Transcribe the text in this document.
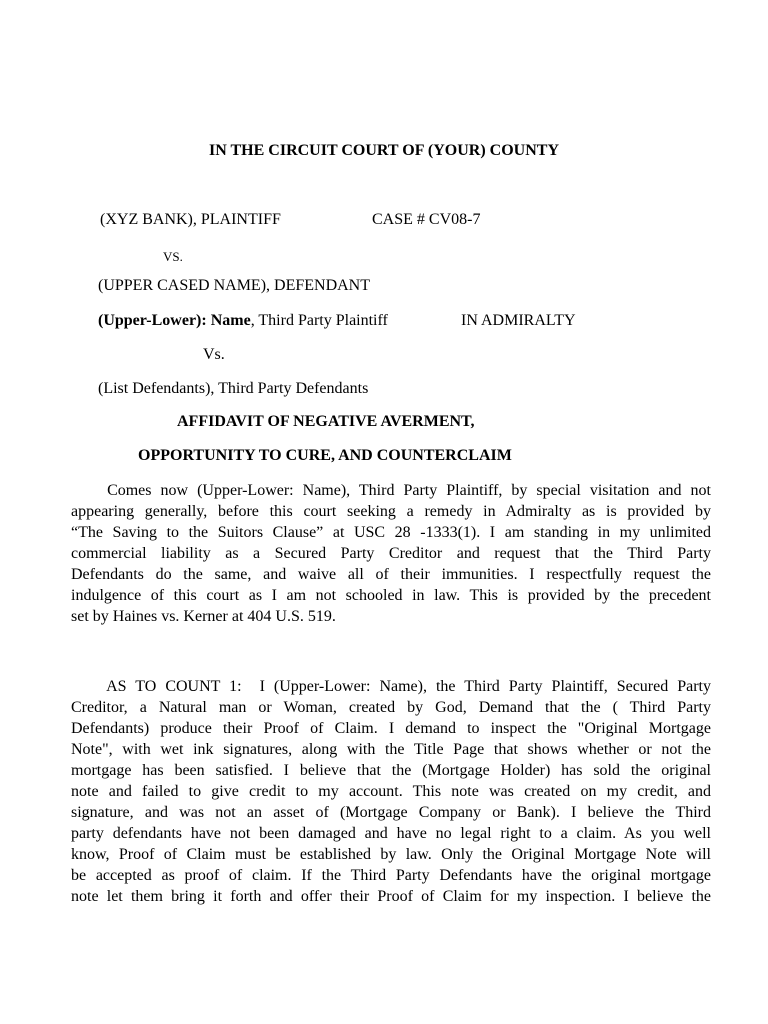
IN THE CIRCUIT COURT OF (YOUR) COUNTY
(XYZ BANK), PLAINTIFF	CASE # CV08-7
VS.
(UPPER CASED NAME), DEFENDANT
(Upper-Lower): Name, Third Party Plaintiff	IN ADMIRALTY
Vs.
(List Defendants), Third Party Defendants
AFFIDAVIT OF NEGATIVE AVERMENT,
OPPORTUNITY TO CURE, AND COUNTERCLAIM
Comes now (Upper-Lower: Name), Third Party Plaintiff, by special visitation and not
appearing generally, before this court seeking a remedy in Admiralty as is provided by
“The Saving to the Suitors Clause” at USC 28 -1333(1). I am standing in my unlimited
commercial liability as a Secured Party Creditor and request that the Third Party
Defendants do the same, and waive all of their immunities. I respectfully request the
indulgence of this court as I am not schooled in law. This is provided by the precedent
set by Haines vs. Kerner at 404 U.S. 519.
AS TO COUNT 1:  I (Upper-Lower: Name), the Third Party Plaintiff, Secured Party
Creditor, a Natural man or Woman, created by God, Demand that the ( Third Party
Defendants) produce their Proof of Claim. I demand to inspect the "Original Mortgage
Note", with wet ink signatures, along with the Title Page that shows whether or not the
mortgage has been satisfied. I believe that the (Mortgage Holder) has sold the original
note and failed to give credit to my account. This note was created on my credit, and
signature, and was not an asset of (Mortgage Company or Bank). I believe the Third
party defendants have not been damaged and have no legal right to a claim. As you well
know, Proof of Claim must be established by law. Only the Original Mortgage Note will
be accepted as proof of claim. If the Third Party Defendants have the original mortgage
note let them bring it forth and offer their Proof of Claim for my inspection. I believe the
